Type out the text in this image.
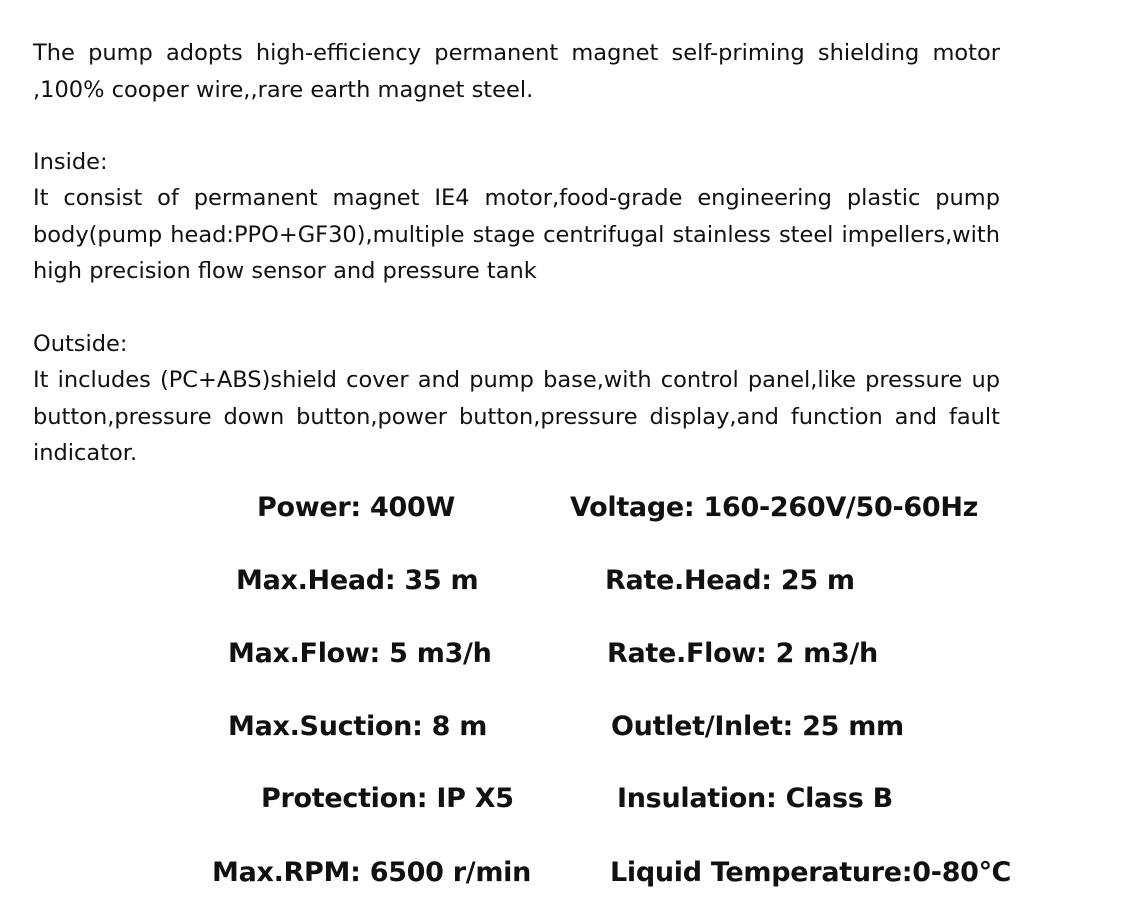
The pump adopts high-efficiency permanent magnet self-priming shielding motor ,100% cooper wire,,rare earth magnet steel.

Inside:

It consist of permanent magnet IE4 motor,food-grade engineering plastic pump body(pump head:PPO+GF30),multiple stage centrifugal stainless steel impellers,with high precision flow sensor and pressure tank

Outside:

It includes (PC+ABS)shield cover and pump base,with control panel,like pressure up button,pressure down button,power button,pressure display,and function and fault indicator.

Power: 400W	Voltage: 160-260V/50-60Hz

Max.Head: 35 m	Rate.Head: 25 m

Max.Flow: 5 m3/h	Rate.Flow: 2 m3/h

Max.Suction: 8 m	Outlet/Inlet: 25 mm

Protection: IP X5	Insulation: Class B

Max.RPM: 6500 r/min	Liquid Temperature:0-80℃
